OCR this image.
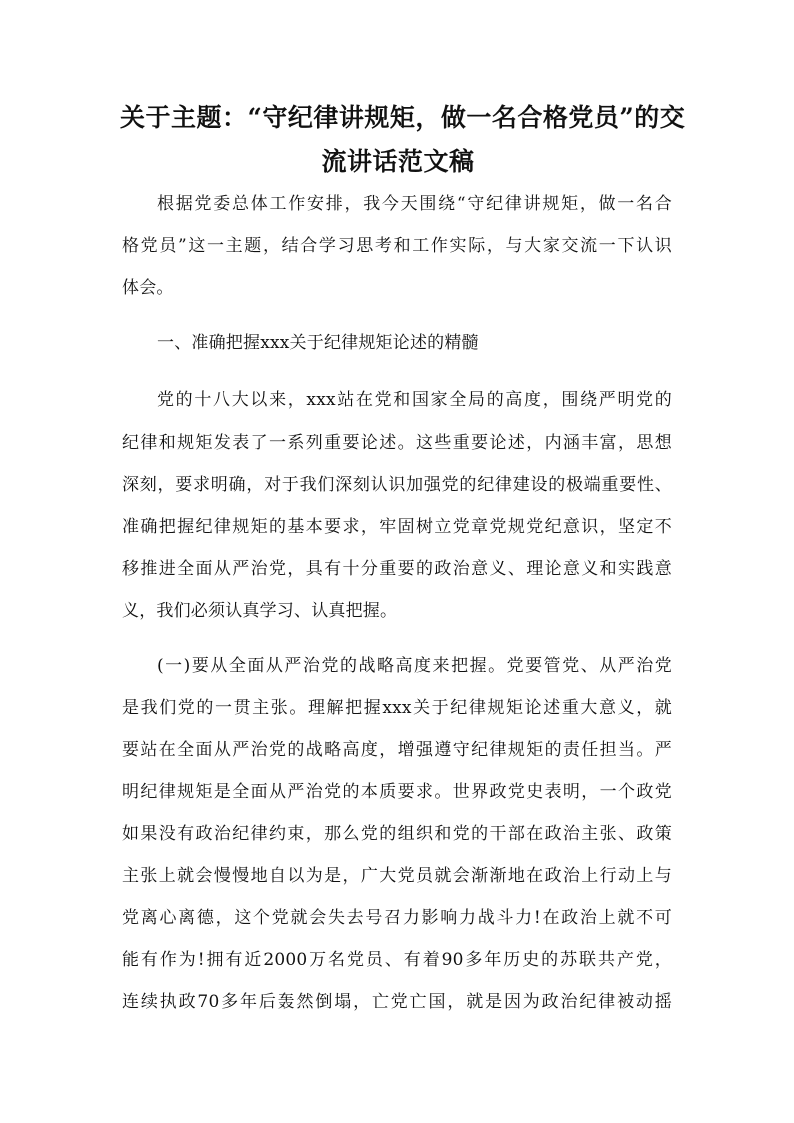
关于主题：“守纪律讲规矩，做一名合格党员”的交
流讲话范文稿
根据党委总体工作安排，我今天围绕“守纪律讲规矩，做一名合
格党员”这一主题，结合学习思考和工作实际，与大家交流一下认识
体会。
一、准确把握xxx关于纪律规矩论述的精髓
党的十八大以来，xxx站在党和国家全局的高度，围绕严明党的
纪律和规矩发表了一系列重要论述。这些重要论述，内涵丰富，思想
深刻，要求明确，对于我们深刻认识加强党的纪律建设的极端重要性、
准确把握纪律规矩的基本要求，牢固树立党章党规党纪意识，坚定不
移推进全面从严治党，具有十分重要的政治意义、理论意义和实践意
义，我们必须认真学习、认真把握。
(一)要从全面从严治党的战略高度来把握。党要管党、从严治党
是我们党的一贯主张。理解把握xxx关于纪律规矩论述重大意义，就
要站在全面从严治党的战略高度，增强遵守纪律规矩的责任担当。严
明纪律规矩是全面从严治党的本质要求。世界政党史表明，一个政党
如果没有政治纪律约束，那么党的组织和党的干部在政治主张、政策
主张上就会慢慢地自以为是，广大党员就会渐渐地在政治上行动上与
党离心离德，这个党就会失去号召力影响力战斗力!在政治上就不可
能有作为!拥有近2000万名党员、有着90多年历史的苏联共产党，
连续执政70多年后轰然倒塌，亡党亡国，就是因为政治纪律被动摇
